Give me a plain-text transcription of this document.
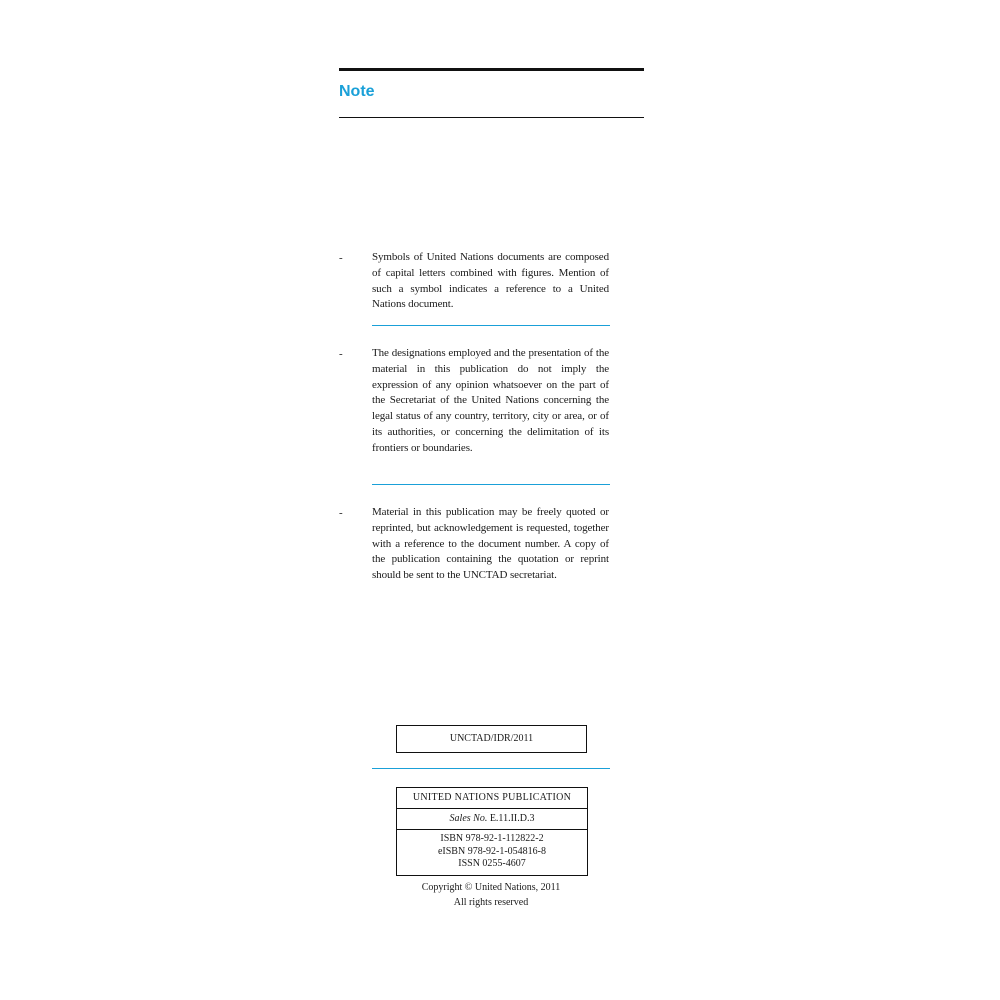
Note
-	Symbols of United Nations documents are composed of capital letters combined with figures. Mention of such a symbol indicates a reference to a United Nations document.
-	The designations employed and the presentation of the material in this publication do not imply the expression of any opinion whatsoever on the part of the Secretariat of the United Nations concerning the legal status of any country, territory, city or area, or of its authorities, or concerning the delimitation of its frontiers or boundaries.
-	Material in this publication may be freely quoted or reprinted, but acknowledgement is requested, together with a reference to the document number. A copy of the publication containing the quotation or reprint should be sent to the UNCTAD secretariat.
UNCTAD/IDR/2011
UNITED NATIONS PUBLICATION
Sales No. E.11.II.D.3
ISBN 978-92-1-112822-2
eISBN 978-92-1-054816-8
ISSN 0255-4607
Copyright © United Nations, 2011
All rights reserved
